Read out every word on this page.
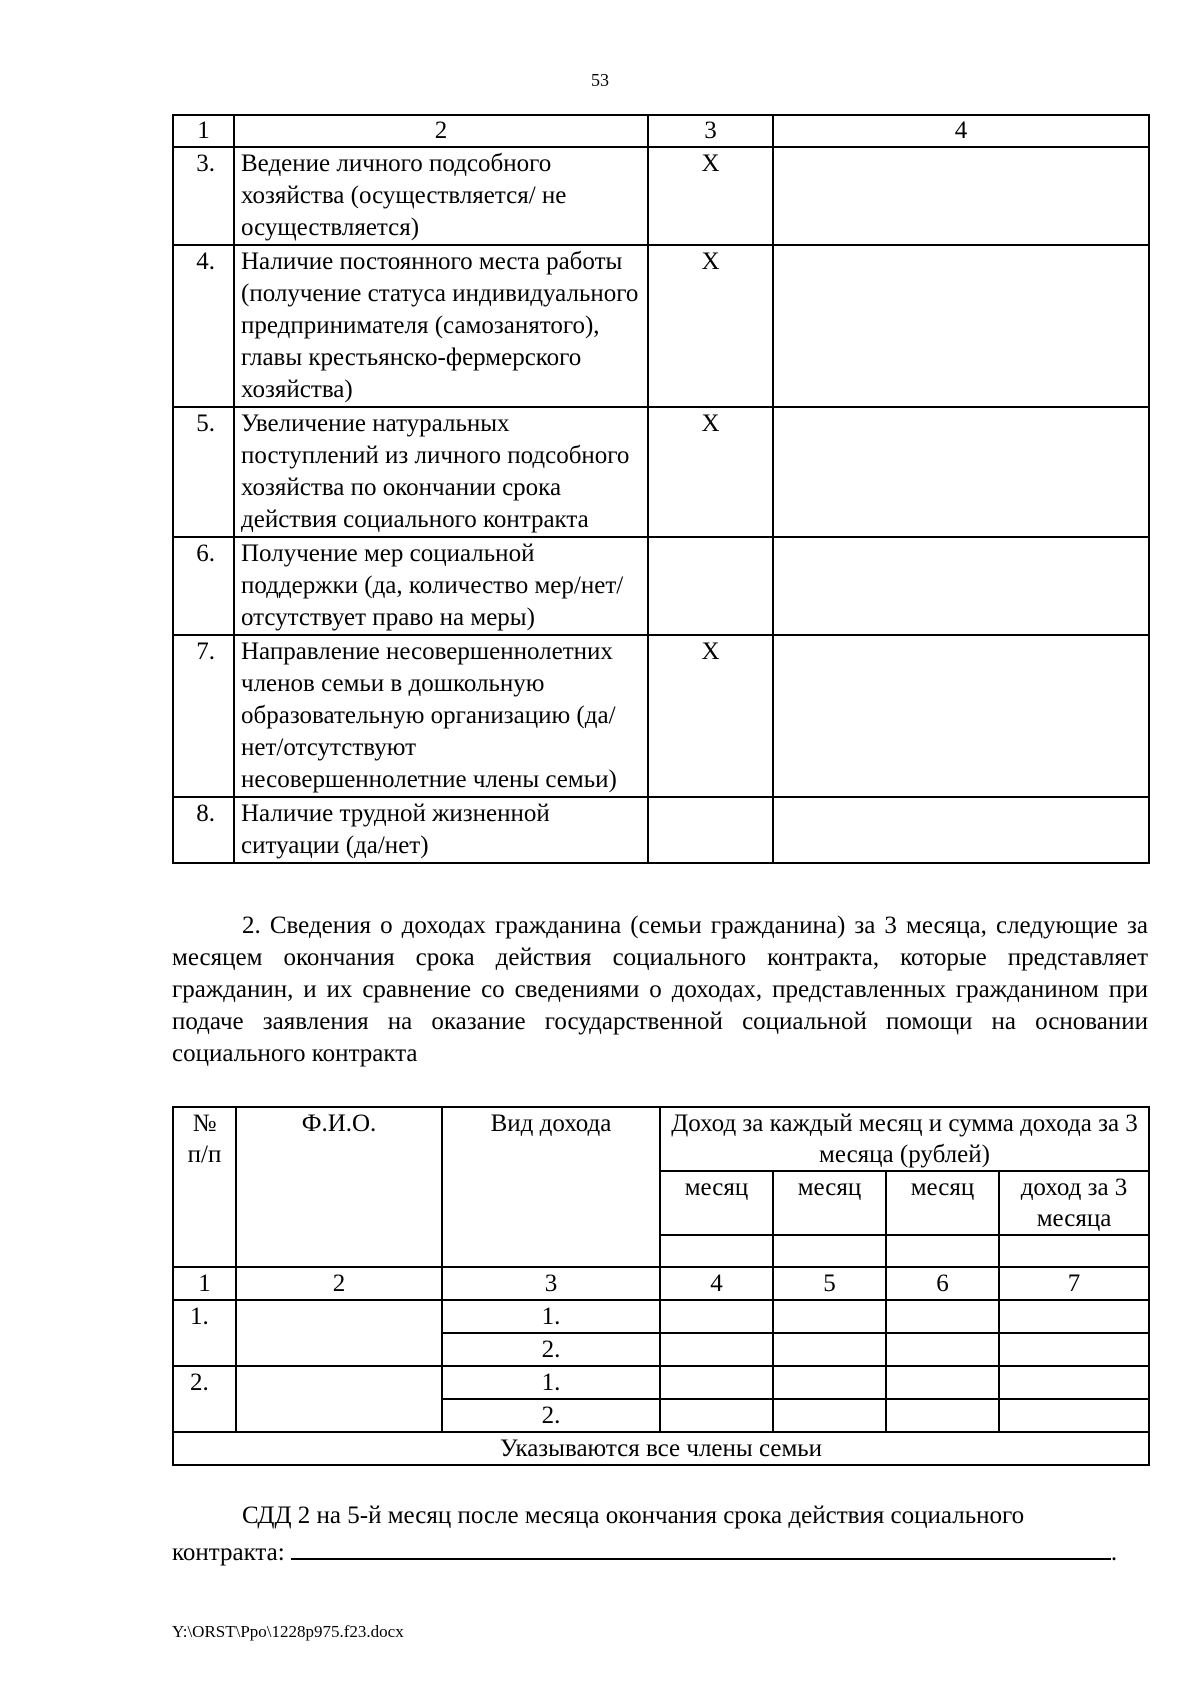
53
1	2	3	4
3.	Ведение личного подсобного хозяйства (осуществляется/ не осуществляется)	Х	
4.	Наличие постоянного места работы (получение статуса индивидуального предпринимателя (самозанятого), главы крестьянско-фермерского хозяйства)	Х	
5.	Увеличение натуральных поступлений из личного подсобного хозяйства по окончании срока действия социального контракта	Х	
6.	Получение мер социальной поддержки (да, количество мер/нет/ отсутствует право на меры)		
7.	Направление несовершеннолетних членов семьи в дошкольную образовательную организацию (да/нет/отсутствуют несовершеннолетние члены семьи)	Х	
8.	Наличие трудной жизненной ситуации (да/нет)		
2. Сведения о доходах гражданина (семьи гражданина) за 3 месяца, следующие за месяцем окончания срока действия социального контракта, которые представляет гражданин, и их сравнение со сведениями о доходах, представленных гражданином при подаче заявления на оказание государственной социальной помощи на основании социального контракта
№ п/п	Ф.И.О.	Вид дохода	Доход за каждый месяц и сумма дохода за 3 месяца (рублей)			
			месяц	месяц	месяц	доход за 3 месяца

1	2	3	4	5	6	7
1.		1.				
		2.				
2.		1.				
		2.				
Указываются все члены семьи						
СДД 2 на 5-й месяц после месяца окончания срока действия социального
контракта:	.
Y:\ORST\Ppo\1228p975.f23.docx
